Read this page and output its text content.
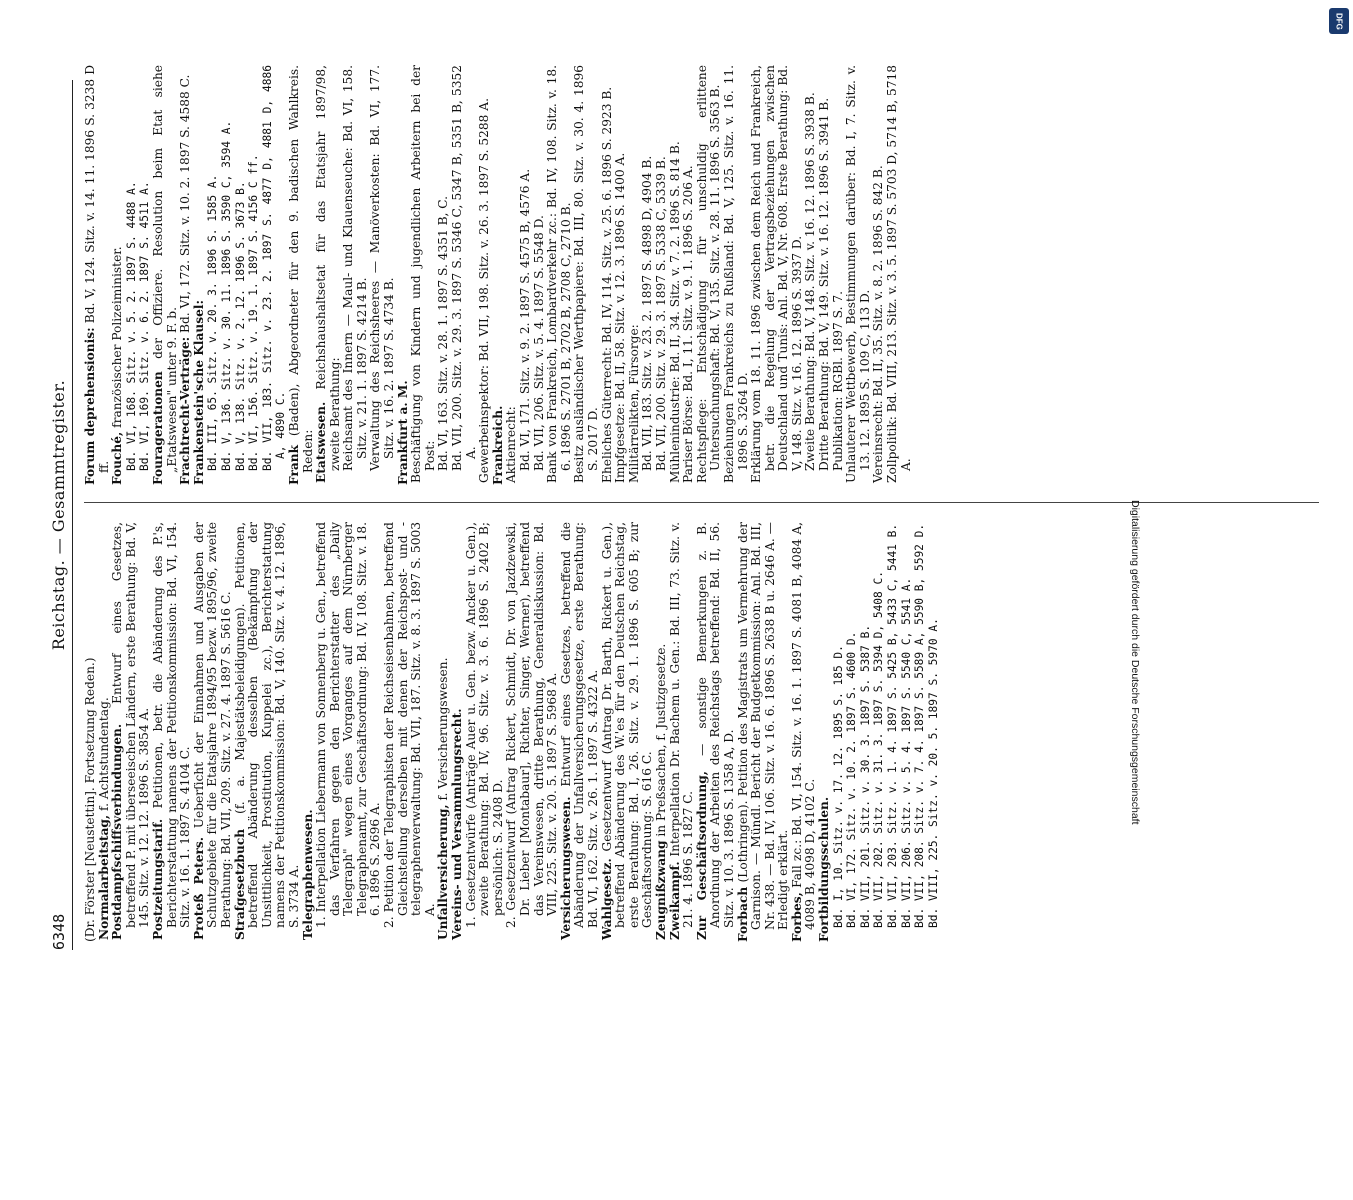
6348
Reichstag. — Gesammtregister.

(Dr. Förster [Neustettin]. Fortsetzung Reden.) Normalarbeitstag, f. Achtstundentag. Postdampfschiffsverbindungen. Entwurf eines Gesetzes, betreffend P. mit überseeischen Ländern, erste Berathung: Bd. V, 145. Sitz. v. 12. 12. 1896 S. 3854 A. Postzeitungstarif. Petitionen, betr. die Abänderung des P.'s, Berichterstattung namens der Petitionskommission: Bd. VI, 154. Sitz. v. 16. 1. 1897 S. 4104 C. Proteß Peters. Ueberſicht der Einnahmen und Ausgaben der Schutzgebiete für die Etatsjahre 1894/95 bezw. 1895/96, zweite Berathung: Bd. VII, 209. Sitz. v. 27. 4. 1897 S. 5616 C. Strafgesetzbuch (f. a. Majestätsbeleidigungen). Petitionen, betreffend Abänderung desselben (Bekämpfung der Unsittlichkeit, Prostitution, Kuppelei zc.), Berichterstattung namens der Petitionskommission: Bd. V, 140. Sitz. v. 4. 12. 1896, S. 3734 A. Telegraphenwesen. 1. Interpellation Liebermann von Sonnenberg u. Gen., betreffend das Verfahren gegen den Berichterstatter des „Daily Telegraph" wegen eines Vorganges auf dem Nürnberger Telegraphenamt, zur Geschäftsordnung: Bd. IV, 108. Sitz. v. 18. 6. 1896 S. 2696 A. 2. Petition der Telegraphisten der Reichseisenbahnen, betreffend Gleichstellung derselben mit denen der Reichspost- und -telegraphenverwaltung: Bd. VII, 187. Sitz. v. 8. 3. 1897 S. 5003 A. Unfallversicherung, f. Versicherungswesen. Vereins- und Versammlungsrecht. 1. Gesetzentwürfe (Anträge Auer u. Gen. bezw. Ancker u. Gen.), zweite Berathung: Bd. IV, 96. Sitz. v. 3. 6. 1896 S. 2402 B; persönlich: S. 2408 D. 2. Gesetzentwurf (Antrag Rickert, Schmidt, Dr. von Jazdzewski, Dr. Lieber [Montabaur], Richter, Singer, Werner), betreffend das Vereinswesen, dritte Berathung, Generaldiskussion: Bd. VIII, 225. Sitz. v. 20. 5. 1897 S. 5968 A. Versicherungswesen. Entwurf eines Gesetzes, betreffend die Abänderung der Unfallversicherungsgesetze, erste Berathung: Bd. VI, 162. Sitz. v. 26. 1. 1897 S. 4322 A. Wahlgesetz. Gesetzentwurf (Antrag Dr. Barth, Rickert u. Gen.), betreffend Abänderung des W.'es für den Deutschen Reichstag, erste Berathung: Bd. I, 26. Sitz. v. 29. 1. 1896 S. 605 B; zur Geschäftsordnung: S. 616 C. Zeugnißzwang in Preßsachen, f. Justizgesetze.

Zweikampf. Interpellation Dr. Bachem u. Gen.: Bd. III, 73. Sitz. v. 21. 4. 1896 S. 1827 C. Zur Geschäftsordnung, — sonstige Bemerkungen z. B. Anordnung der Arbeiten des Reichstags betreffend: Bd. II, 56. Sitz. v. 10. 3. 1896 S. 1358 A, D. Forbach (Lothringen). Petition des Magistrats um Vermehrung der Garnison. — Mündl. Bericht der Budgetkommission: Anl. Bd. III, Nr. 438. — Bd. IV, 106. Sitz. v. 16. 6. 1896 S. 2638 B u. 2646 A. — Erledigt erklärt. Forbes, Fall zc.: Bd. VI, 154. Sitz. v. 16. 1. 1897 S. 4081 B, 4084 A, 4089 B, 4098 D, 4102 C. Fortbildungsschulen. Bd. I, 10. Sitz. v. 17. 12. 1895 S. 185 D. Bd. VI, 172. Sitz. v. 10. 2. 1897 S. 4600 D. Bd. VII, 201. Sitz. v. 30. 3. 1897 S. 5387 B. Bd. VII, 202. Sitz. v. 31. 3. 1897 S. 5394 D, 5408 C. Bd. VII, 203. Sitz. v. 1. 4. 1897 S. 5425 B, 5433 C, 5441 B. Bd. VII, 206. Sitz. v. 5. 4. 1897 S. 5540 C, 5541 A. Bd. VII, 208. Sitz. v. 7. 4. 1897 S. 5589 A, 5590 B, 5592 D. Bd. VIII, 225. Sitz. v. 20. 5. 1897 S. 5970 A.

Forum deprehensionis: Bd. V, 124. Sitz. v. 14. 11. 1896 S. 3238 D ff. Fouché, französischer Polizeiminister. Bd. VI, 168. Sitz. v. 5. 2. 1897 S. 4488 A. Bd. VI, 169. Sitz. v. 6. 2. 1897 S. 4511 A. Fourageratıonen der Offiziere. Resolution beim Etat siehe „Etatswesen" unter 9. F. b. Frachtrecht-Verträge: Bd. VI, 172. Sitz. v. 10. 2. 1897 S. 4588 C.

Frankenstein'sche Klausel: Bd. III, 65. Sitz. v. 20. 3. 1896 S. 1585 A. Bd. V, 136. Sitz. v. 30. 11. 1896 S. 3590 C, 3594 A. Bd. V, 138. Sitz. v. 2. 12. 1896 S. 3673 B. Bd. VI, 156. Sitz. v. 19. 1. 1897 S. 4156 C ff. Bd. VII, 183. Sitz. v. 23. 2. 1897 S. 4877 D, 4881 D, 4886 A, 4890 C.

Frank (Baden), Abgeordneter für den 9. badischen Wahlkreis. Reden: Etatswesen. Reichshaushaltsetat für das Etatsjahr 1897/98, zweite Berathung: Reichsamt des Innern — Maul- und Klauenseuche: Bd. VI, 158. Sitz. v. 21. 1. 1897 S. 4214 B. Verwaltung des Reichsheeres — Manöverkosten: Bd. VI, 177. Sitz. v. 16. 2. 1897 S. 4734 B. Frankfurt a. M. Beschäftigung von Kindern und jugendlichen Arbeitern bei der Post: Bd. VI, 163. Sitz. v. 28. 1. 1897 S. 4351 B, C. Bd. VII, 200. Sitz. v. 29. 3. 1897 S. 5346 C, 5347 B, 5351 B, 5352 A. Gewerbeinspektor: Bd. VII, 198. Sitz. v. 26. 3. 1897 S. 5288 A. Frankreich. Aktienrecht: Bd. VI, 171. Sitz. v. 9. 2. 1897 S. 4575 B, 4576 A. Bd. VII, 206. Sitz. v. 5. 4. 1897 S. 5548 D. Bank von Frankreich, Lombardverkehr zc.: Bd. IV, 108. Sitz. v. 18. 6. 1896 S. 2701 B, 2702 B, 2708 C, 2710 B. Besitz ausländischer Werthpapiere: Bd. III, 80. Sitz. v. 30. 4. 1896 S. 2017 D. Eheliches Güterrecht: Bd. IV, 114. Sitz. v. 25. 6. 1896 S. 2923 B. Impfgesetze: Bd. II, 58. Sitz. v. 12. 3. 1896 S. 1400 A. Militärrelikten, Fürsorge: Bd. VII, 183. Sitz. v. 23. 2. 1897 S. 4898 D, 4904 B. Bd. VII, 200. Sitz. v. 29. 3. 1897 S. 5338 C, 5339 B. Mühlenindustrie: Bd. II, 34. Sitz. v. 7. 2. 1896 S. 814 B. Pariser Börse: Bd. I, 11. Sitz. v. 9. 1. 1896 S. 206 A. Rechtspflege: Entschädigung für unschuldig erlittene Untersuchungshaft: Bd. V, 135. Sitz. v. 28. 11. 1896 S. 3563 B. Beziehungen Frankreichs zu Rußland: Bd. V, 125. Sitz. v. 16. 11. 1896 S. 3264 D. Erklärung vom 18. 11. 1896 zwischen dem Reich und Frankreich, betr. die Regelung der Vertragsbeziehungen zwischen Deutschland und Tunis: Anl. Bd. V, Nr. 608. Erste Berathung: Bd. V, 148. Sitz. v. 16. 12. 1896 S. 3937 D. Zweite Berathung: Bd. V, 148. Sitz. v. 16. 12. 1896 S. 3938 B. Dritte Berathung: Bd. V, 149. Sitz. v. 16. 12. 1896 S. 3941 B. Publikation: RGBl. 1897 S. 7. Unlauterer Wettbewerb, Bestimmungen darüber: Bd. I, 7. Sitz. v. 13. 12. 1895 S. 109 C, 113 D. Vereinsrecht: Bd. II, 35. Sitz. v. 8. 2. 1896 S. 842 B. Zollpolitik: Bd. VIII, 213. Sitz. v. 3. 5. 1897 S. 5703 D, 5714 B, 5718 A.

DFG
Digitalisierung gefördert durch die Deutsche Forschungsgemeinschaft
